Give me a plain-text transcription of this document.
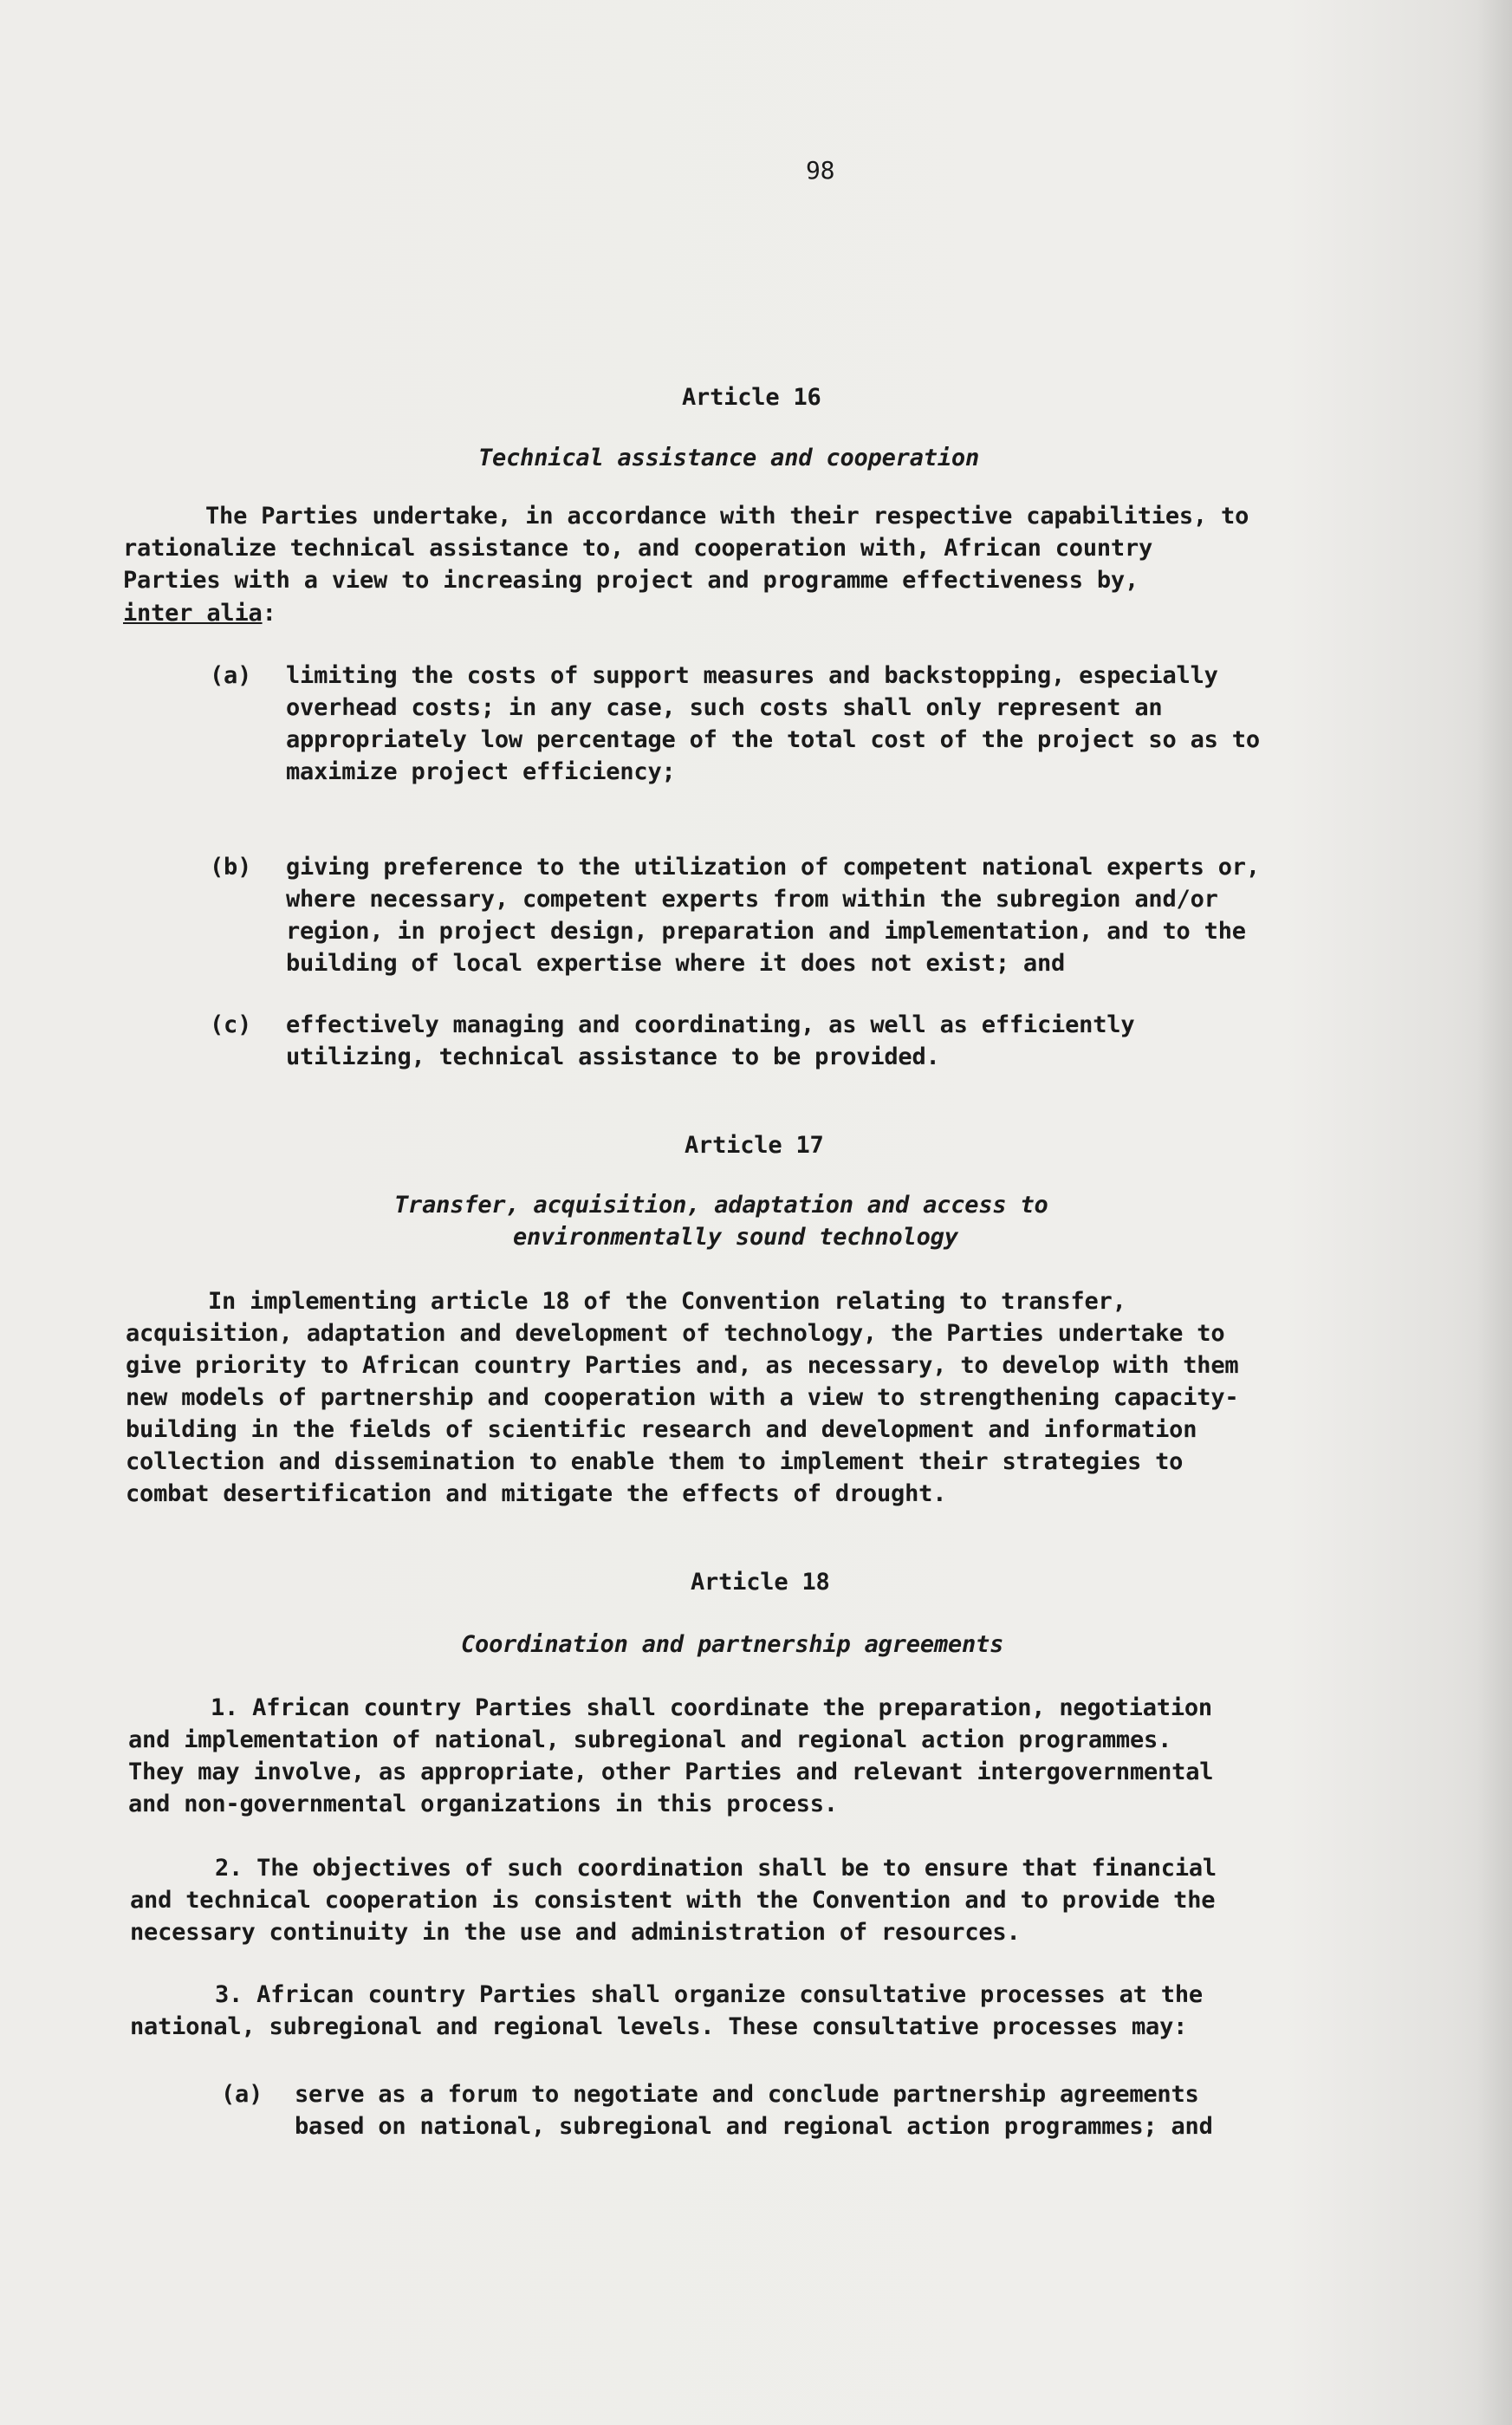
98

Article 16

Technical assistance and cooperation

The Parties undertake, in accordance with their respective capabilities, to

rationalize technical assistance to, and cooperation with, African country

Parties with a view to increasing project and programme effectiveness by,

inter alia:

(a) limiting the costs of support measures and backstopping, especially

overhead costs; in any case, such costs shall only represent an

appropriately low percentage of the total cost of the project so as to

maximize project efficiency;

(b) giving preference to the utilization of competent national experts or,

where necessary, competent experts from within the subregion and/or

region, in project design, preparation and implementation, and to the

building of local expertise where it does not exist; and

(c) effectively managing and coordinating, as well as efficiently

utilizing, technical assistance to be provided.

Article 17

Transfer, acquisition, adaptation and access to

environmentally sound technology

In implementing article 18 of the Convention relating to transfer,

acquisition, adaptation and development of technology, the Parties undertake to

give priority to African country Parties and, as necessary, to develop with them

new models of partnership and cooperation with a view to strengthening capacity-

building in the fields of scientific research and development and information

collection and dissemination to enable them to implement their strategies to

combat desertification and mitigate the effects of drought.

Article 18

Coordination and partnership agreements

1. African country Parties shall coordinate the preparation, negotiation

and implementation of national, subregional and regional action programmes.

They may involve, as appropriate, other Parties and relevant intergovernmental

and non-governmental organizations in this process.

2. The objectives of such coordination shall be to ensure that financial

and technical cooperation is consistent with the Convention and to provide the

necessary continuity in the use and administration of resources.

3. African country Parties shall organize consultative processes at the

national, subregional and regional levels. These consultative processes may:

(a) serve as a forum to negotiate and conclude partnership agreements

based on national, subregional and regional action programmes; and
